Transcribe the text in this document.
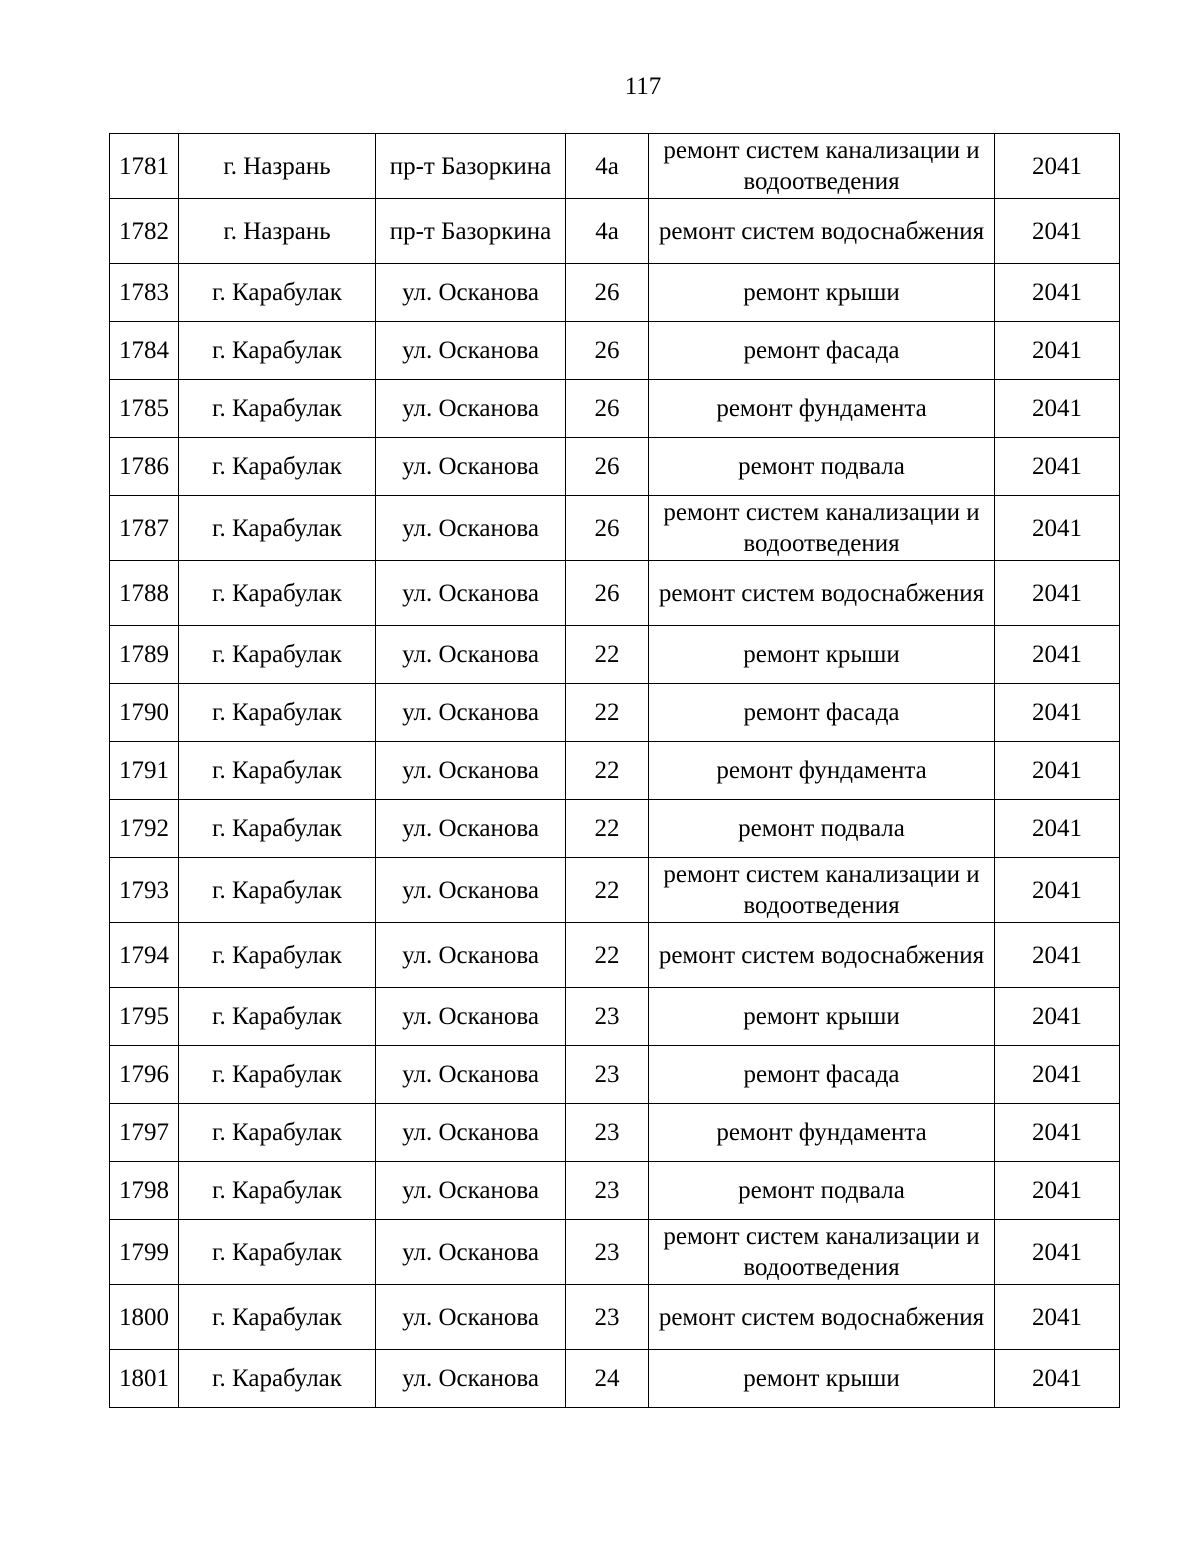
117
1781	г. Назрань	пр-т Базоркина	4а	ремонт систем канализации и водоотведения	2041
1782	г. Назрань	пр-т Базоркина	4а	ремонт систем водоснабжения	2041
1783	г. Карабулак	ул. Осканова	26	ремонт крыши	2041
1784	г. Карабулак	ул. Осканова	26	ремонт фасада	2041
1785	г. Карабулак	ул. Осканова	26	ремонт фундамента	2041
1786	г. Карабулак	ул. Осканова	26	ремонт подвала	2041
1787	г. Карабулак	ул. Осканова	26	ремонт систем канализации и водоотведения	2041
1788	г. Карабулак	ул. Осканова	26	ремонт систем водоснабжения	2041
1789	г. Карабулак	ул. Осканова	22	ремонт крыши	2041
1790	г. Карабулак	ул. Осканова	22	ремонт фасада	2041
1791	г. Карабулак	ул. Осканова	22	ремонт фундамента	2041
1792	г. Карабулак	ул. Осканова	22	ремонт подвала	2041
1793	г. Карабулак	ул. Осканова	22	ремонт систем канализации и водоотведения	2041
1794	г. Карабулак	ул. Осканова	22	ремонт систем водоснабжения	2041
1795	г. Карабулак	ул. Осканова	23	ремонт крыши	2041
1796	г. Карабулак	ул. Осканова	23	ремонт фасада	2041
1797	г. Карабулак	ул. Осканова	23	ремонт фундамента	2041
1798	г. Карабулак	ул. Осканова	23	ремонт подвала	2041
1799	г. Карабулак	ул. Осканова	23	ремонт систем канализации и водоотведения	2041
1800	г. Карабулак	ул. Осканова	23	ремонт систем водоснабжения	2041
1801	г. Карабулак	ул. Осканова	24	ремонт крыши	2041
